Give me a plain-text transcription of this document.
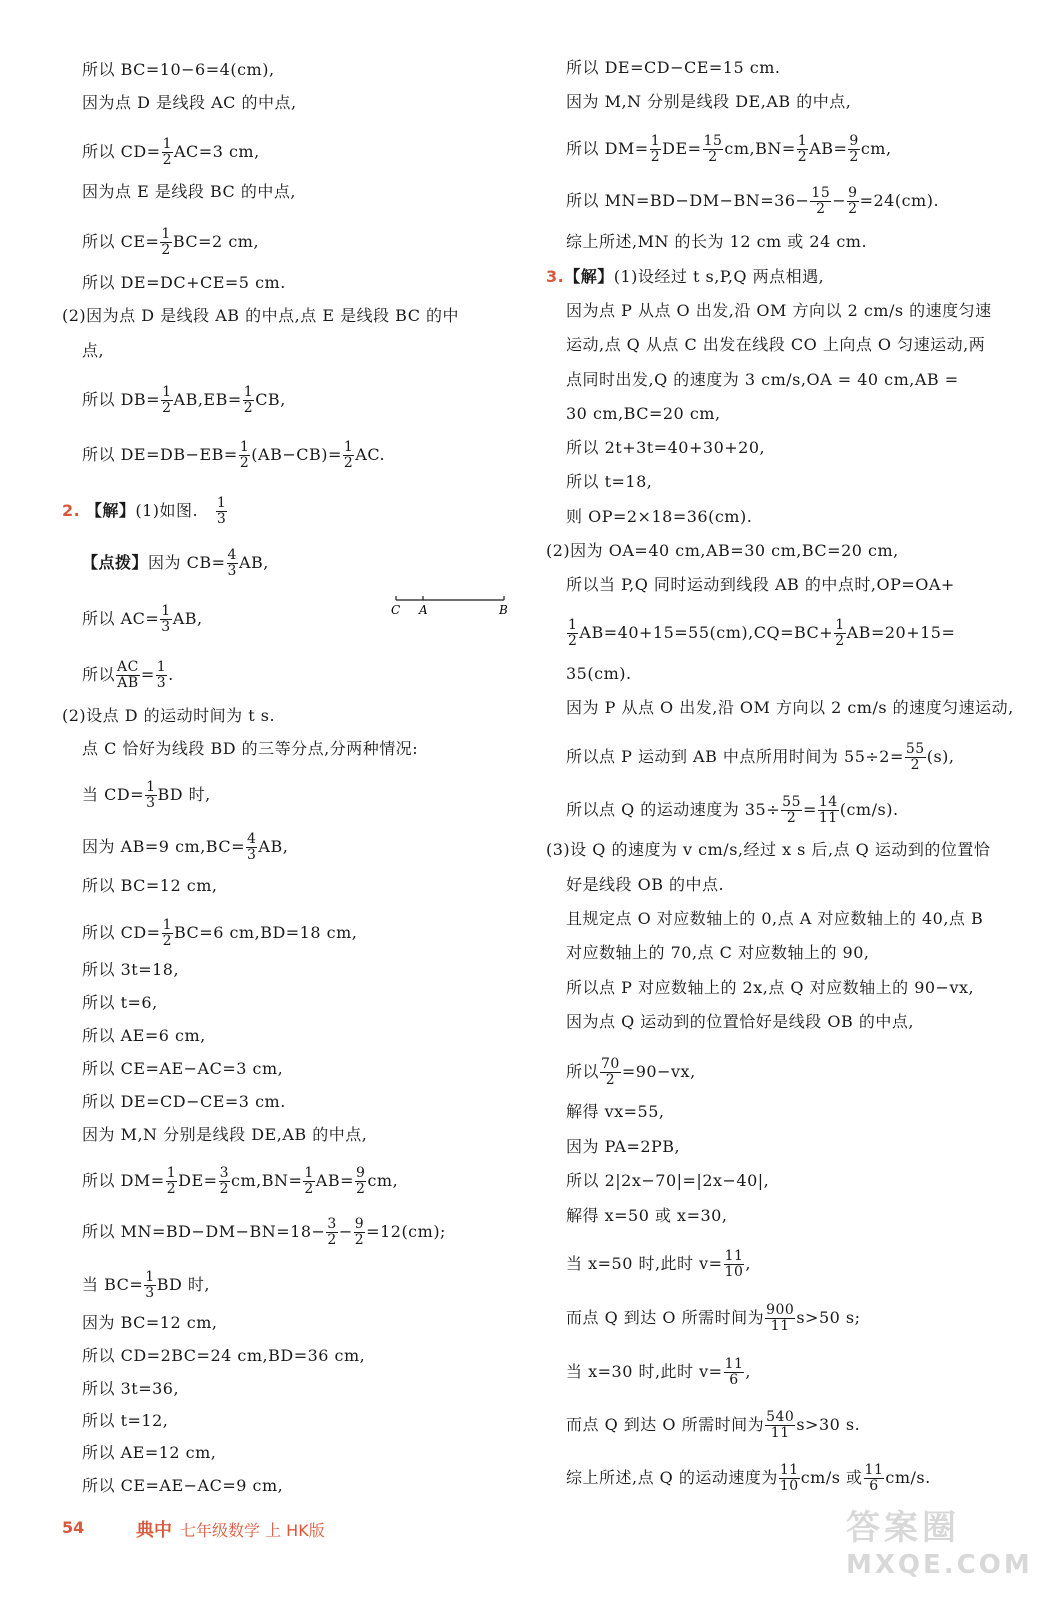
所以 BC=10−6=4(cm),
因为点 D 是线段 AC 的中点,
所以 $CD= \frac{1}{2} AC=3$ cm,
因为点 E 是线段 BC 的中点,
所以 $CE= \frac{1}{2} BC=2$ cm,
所以 DE=DC+CE=5 cm.
(2)因为点 D 是线段 AB 的中点,点 E 是线段 BC 的中
点,
所以 $DB= \frac{1}{2} AB,EB= \frac{1}{2}$ CB,
所以 $DE=DB-EB= \frac{1}{2} (AB-CB)= \frac{1}{2}$ AC.
2. 【解】(1)如图. $\frac{1}{3}$
【点拨】因为 $CB= \frac{4}{3}$ AB,
所以 $AC= \frac{1}{3}$ AB,
所以 $\frac{AC}{AB} = \frac{1}{3}$ .
C A	B
(2)设点 D 的运动时间为 t s.
点 C 恰好为线段 BD 的三等分点,分两种情况:
当 $CD= \frac{1}{3}$ BD 时,
因为 AB=9 $cm,BC= \frac{4}{3}$ AB,
所以 BC=12 cm,
所以 $CD= \frac{1}{2} BC=6$ cm,BD=18 cm,
所以 3t=18,
所以 t=6,
所以 AE=6 cm,
所以 CE=AE−AC=3 cm,
所以 DE=CD−CE=3 cm.
因为 M,N 分别是线段 DE,AB 的中点,
所以 $DM= \frac{1}{2} DE= \frac{3}{2} cm,BN= \frac{1}{2} AB= \frac{9}{2}$ cm,
所以 $MN=BD-DM-BN=18- \frac{3}{2} - \frac{9}{2} =12(cm)$;
当 $BC= \frac{1}{3}$ BD 时,
因为 BC=12 cm,
所以 CD=2BC=24 cm,BD=36 cm,
所以 3t=36,
所以 t=12,
所以 AE=12 cm,
所以 CE=AE−AC=9 cm,
所以 DE=CD−CE=15 cm.
因为 M,N 分别是线段 DE,AB 的中点,
所以 $DM= \frac{1}{2} DE= \frac{15}{2} cm,BN= \frac{1}{2} AB= \frac{9}{2}$ cm,
所以 $MN=BD-DM-BN=36- \frac{15}{2} - \frac{9}{2} =24(cm)$.
综上所述,MN 的长为 12 cm 或 24 cm.
3.【解】(1)设经过 t s,P,Q 两点相遇,
因为点 P 从点 O 出发,沿 OM 方向以 2 cm/s 的速度匀速
运动,点 Q 从点 C 出发在线段 CO 上向点 O 匀速运动,两
点同时出发,Q 的速度为 3 cm/s,OA = 40 cm,AB =
30 cm,BC=20 cm,
所以 2t+3t=40+30+20,
所以 t=18,
则 OP=2×18=36(cm).
(2)因为 OA=40 cm,AB=30 cm,BC=20 cm,
所以当 P,Q 同时运动到线段 AB 的中点时,OP=OA+
$\frac{1}{2} AB=40+15=55(cm),CQ=BC+ \frac{1}{2} AB=20+15=$
35(cm).
因为 P 从点 O 出发,沿 OM 方向以 2 cm/s 的速度匀速运动,
所以点 P 运动到 AB 中点所用时间为 $55\div 2= \frac{55}{2} (s)$,
所以点 Q 的运动速度为 $35\div \frac{55}{2} = \frac{14}{11} (cm/s)$.
(3)设 Q 的速度为 v cm/s,经过 x s 后,点 Q 运动到的位置恰
好是线段 OB 的中点.
且规定点 O 对应数轴上的 0,点 A 对应数轴上的 40,点 B
对应数轴上的 70,点 C 对应数轴上的 90,
所以点 P 对应数轴上的 2x,点 Q 对应数轴上的 90−vx,
因为点 Q 运动到的位置恰好是线段 OB 的中点,
所以 $\frac{70}{2} =90-vx$,
解得 vx=55,
因为 PA=2PB,
所以 2|2x−70|=|2x−40|,
解得 x=50 或 x=30,
当 x=50 时,此时 $v= \frac{11}{10}$ ,
而点 Q 到达 O 所需时间为 $\frac{900}{11} s>50$ s;
当 x=30 时,此时 $v= \frac{11}{6}$ ,
而点 Q 到达 O 所需时间为 $\frac{540}{11} s>30$ s.
综上所述,点 Q 的运动速度为 $\frac{11}{10} cm/s$ 或 $\frac{11}{6} cm/s$.
54	典中 七年级数学 上 HK版	答案圈
MXQE.COM
